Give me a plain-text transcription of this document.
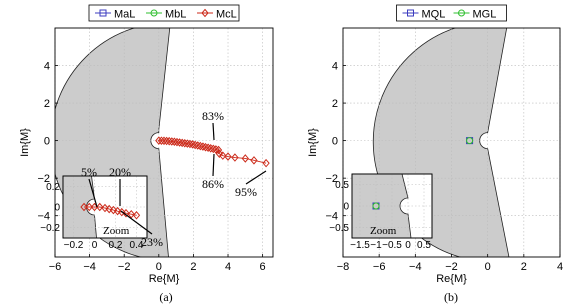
−6 −4 −2 0	2	4	6
−4
−2
0
2
4
Re{M}
Im{M}
(a)
MaL	MbL	McL
−0.2 0 0.2 0.4
−0.2
0
0.2
Zoom
83%
86%
95%
5% 20%
23%
−8 −6 −4 −2 0	2	4
−4
−2
0
2
4
Re{M}
Im{M}
(b)
MQL MGL
−1.5 −1 −0.5 0 0.5
−0.5
0
0.5
Zoom
